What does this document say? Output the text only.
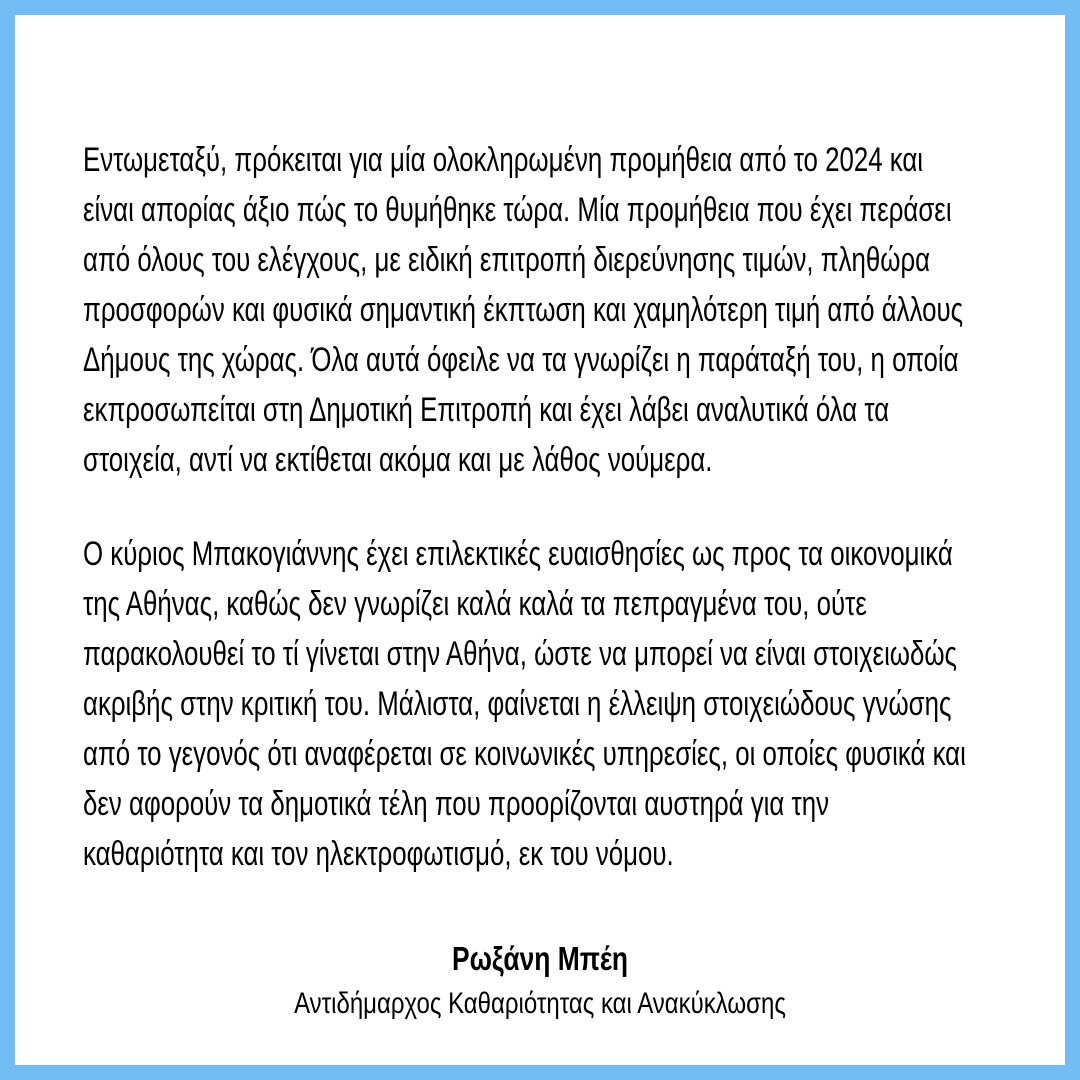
Εντωμεταξύ, πρόκειται για μία ολοκληρωμένη προμήθεια από το 2024 και
είναι απορίας άξιο πώς το θυμήθηκε τώρα. Μία προμήθεια που έχει περάσει
από όλους του ελέγχους, με ειδική επιτροπή διερεύνησης τιμών, πληθώρα
προσφορών και φυσικά σημαντική έκπτωση και χαμηλότερη τιμή από άλλους
Δήμους της χώρας. Όλα αυτά όφειλε να τα γνωρίζει η παράταξή του, η οποία
εκπροσωπείται στη Δημοτική Επιτροπή και έχει λάβει αναλυτικά όλα τα
στοιχεία, αντί να εκτίθεται ακόμα και με λάθος νούμερα.
Ο κύριος Μπακογιάννης έχει επιλεκτικές ευαισθησίες ως προς τα οικονομικά
της Αθήνας, καθώς δεν γνωρίζει καλά καλά τα πεπραγμένα του, ούτε
παρακολουθεί το τί γίνεται στην Αθήνα, ώστε να μπορεί να είναι στοιχειωδώς
ακριβής στην κριτική του. Μάλιστα, φαίνεται η έλλειψη στοιχειώδους γνώσης
από το γεγονός ότι αναφέρεται σε κοινωνικές υπηρεσίες, οι οποίες φυσικά και
δεν αφορούν τα δημοτικά τέλη που προορίζονται αυστηρά για την
καθαριότητα και τον ηλεκτροφωτισμό, εκ του νόμου.
Ρωξάνη Μπέη
Αντιδήμαρχος Καθαριότητας και Ανακύκλωσης
